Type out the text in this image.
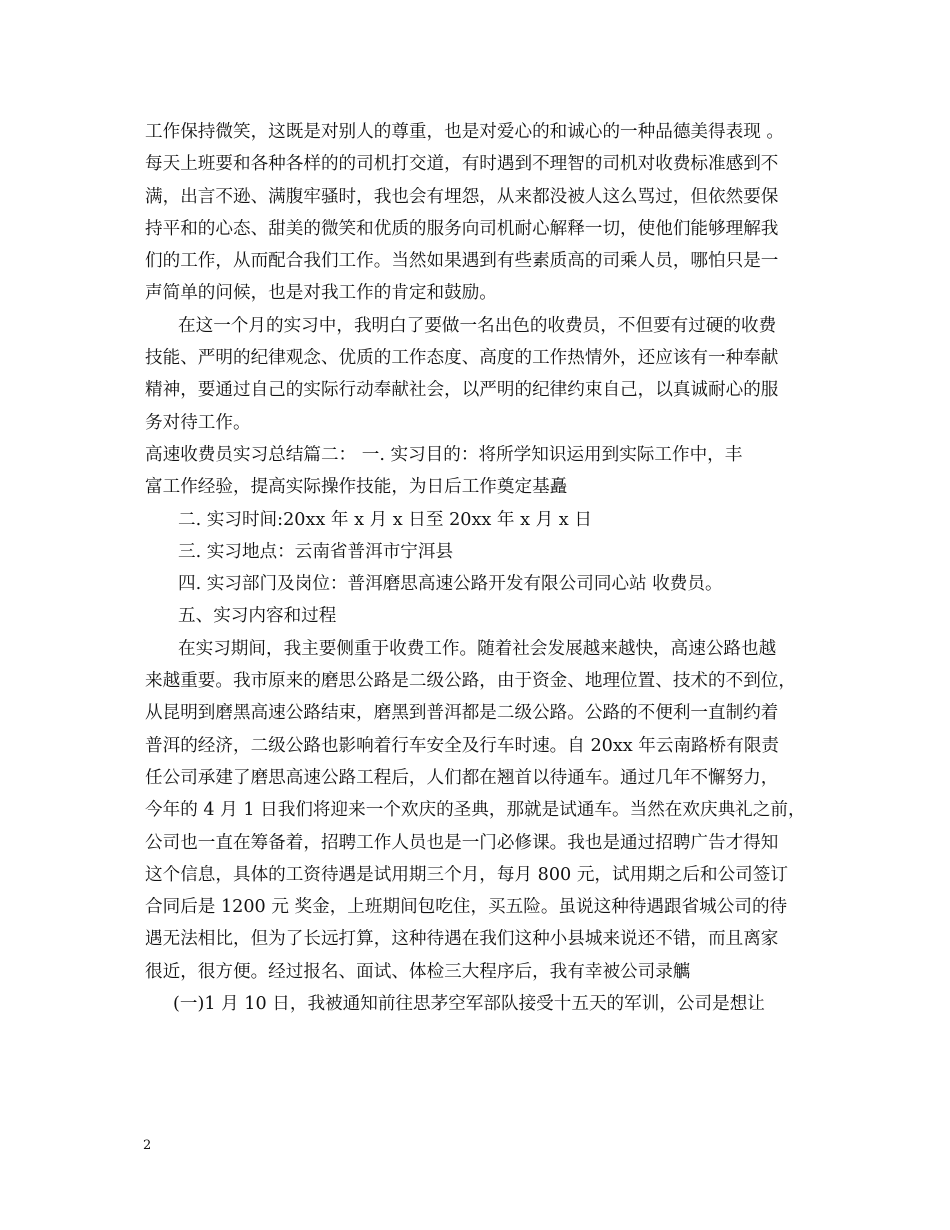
工作保持微笑，这既是对别人的尊重，也是对爱心的和诚心的一种品德美得表现 。
每天上班要和各种各样的的司机打交道，有时遇到不理智的司机对收费标准感到不
满，出言不逊、满腹牢骚时，我也会有埋怨，从来都没被人这么骂过，但依然要保
持平和的心态、甜美的微笑和优质的服务向司机耐心解释一切，使他们能够理解我
们的工作，从而配合我们工作。当然如果遇到有些素质高的司乘人员，哪怕只是一
声简单的问候，也是对我工作的肯定和鼓励。
在这一个月的实习中，我明白了要做一名出色的收费员，不但要有过硬的收费
技能、严明的纪律观念、优质的工作态度、高度的工作热情外，还应该有一种奉献
精神，要通过自己的实际行动奉献社会，以严明的纪律约束自己，以真诚耐心的服
务对待工作。
高速收费员实习总结篇二： 一. 实习目的：将所学知识运用到实际工作中，丰
富工作经验，提高实际操作技能，为日后工作奠定基矗
二. 实习时间:20xx 年 x 月 x 日至 20xx 年 x 月 x 日
三. 实习地点：云南省普洱市宁洱县
四. 实习部门及岗位：普洱磨思高速公路开发有限公司同心站 收费员。
五、实习内容和过程
在实习期间，我主要侧重于收费工作。随着社会发展越来越快，高速公路也越
来越重要。我市原来的磨思公路是二级公路，由于资金、地理位置、技术的不到位，
从昆明到磨黑高速公路结束，磨黑到普洱都是二级公路。公路的不便利一直制约着
普洱的经济，二级公路也影响着行车安全及行车时速。自 20xx 年云南路桥有限责
任公司承建了磨思高速公路工程后，人们都在翘首以待通车。通过几年不懈努力，
今年的 4 月 1 日我们将迎来一个欢庆的圣典，那就是试通车。当然在欢庆典礼之前，
公司也一直在筹备着，招聘工作人员也是一门必修课。我也是通过招聘广告才得知
这个信息，具体的工资待遇是试用期三个月，每月 800 元，试用期之后和公司签订
合同后是 1200 元 奖金，上班期间包吃住，买五险。虽说这种待遇跟省城公司的待
遇无法相比，但为了长远打算，这种待遇在我们这种小县城来说还不错，而且离家
很近，很方便。经过报名、面试、体检三大程序后，我有幸被公司录觽
(一)1 月 10 日，我被通知前往思茅空军部队接受十五天的军训，公司是想让
2
